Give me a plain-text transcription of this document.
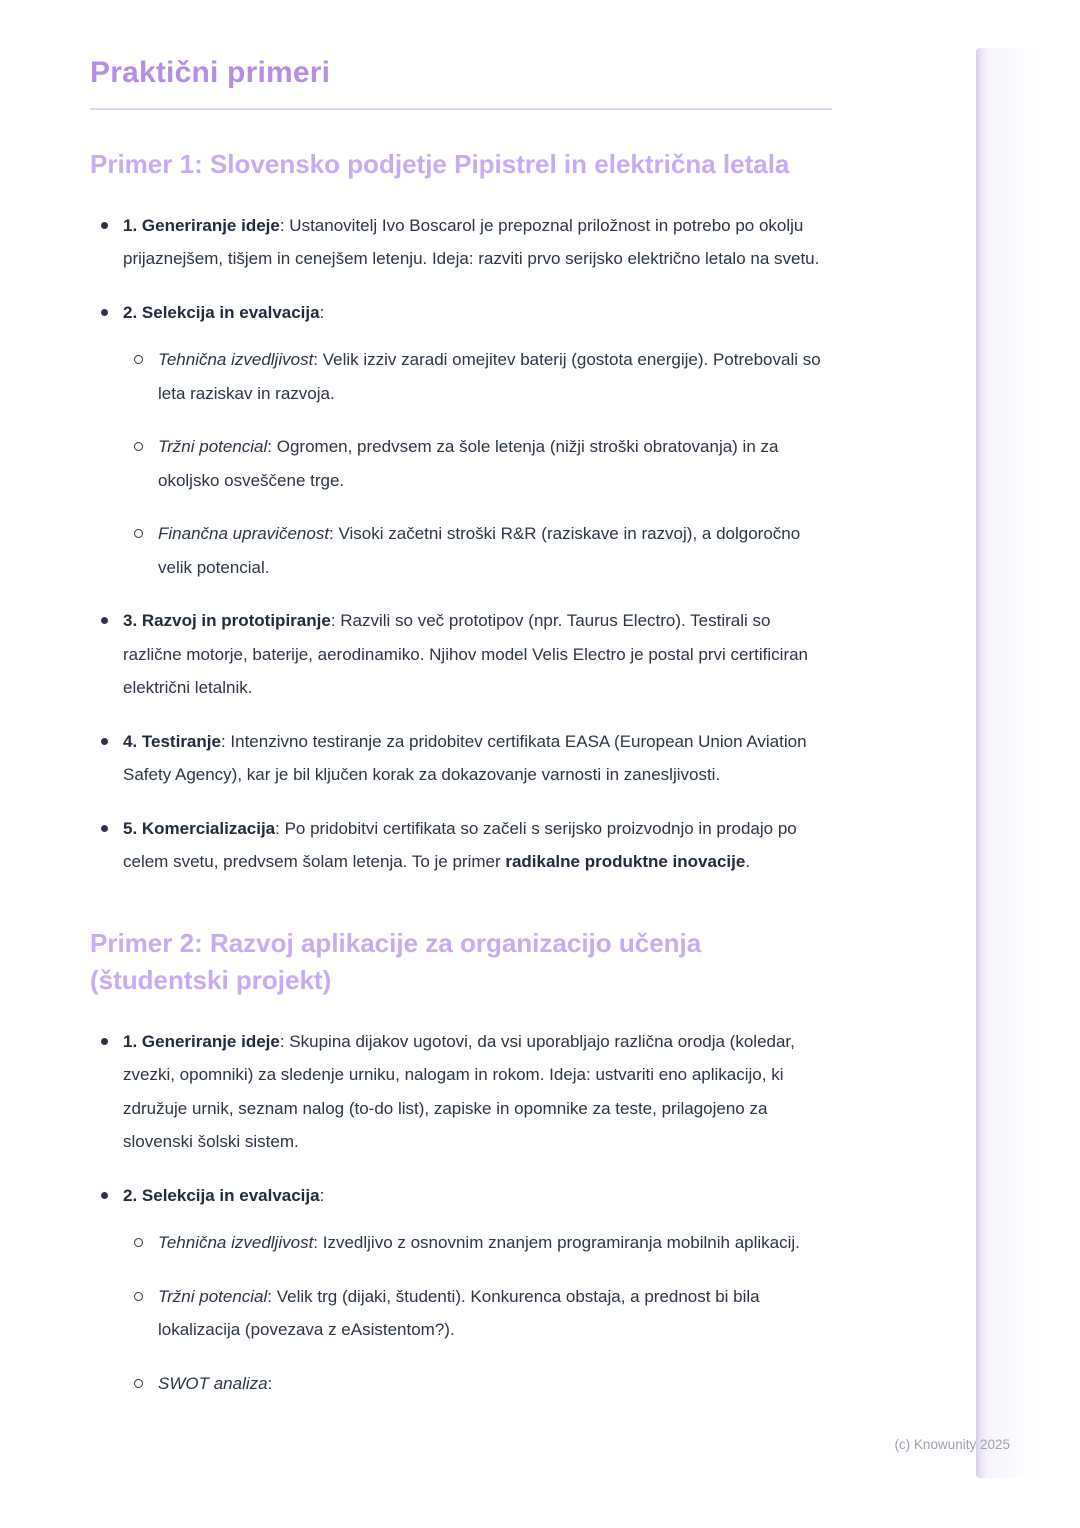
Praktični primeri
Primer 1: Slovensko podjetje Pipistrel in električna letala
1. Generiranje ideje: Ustanovitelj Ivo Boscarol je prepoznal priložnost in potrebo po okolju prijaznejšem, tišjem in cenejšem letenju. Ideja: razviti prvo serijsko električno letalo na svetu.
2. Selekcija in evalvacija:
Tehnična izvedljivost: Velik izziv zaradi omejitev baterij (gostota energije). Potrebovali so leta raziskav in razvoja.
Tržni potencial: Ogromen, predvsem za šole letenja (nižji stroški obratovanja) in za okoljsko osveščene trge.
Finančna upravičenost: Visoki začetni stroški R&R (raziskave in razvoj), a dolgoročno velik potencial.
3. Razvoj in prototipiranje: Razvili so več prototipov (npr. Taurus Electro). Testirali so različne motorje, baterije, aerodinamiko. Njihov model Velis Electro je postal prvi certificiran električni letalnik.
4. Testiranje: Intenzivno testiranje za pridobitev certifikata EASA (European Union Aviation Safety Agency), kar je bil ključen korak za dokazovanje varnosti in zanesljivosti.
5. Komercializacija: Po pridobitvi certifikata so začeli s serijsko proizvodnjo in prodajo po celem svetu, predvsem šolam letenja. To je primer radikalne produktne inovacije.
Primer 2: Razvoj aplikacije za organizacijo učenja (študentski projekt)
1. Generiranje ideje: Skupina dijakov ugotovi, da vsi uporabljajo različna orodja (koledar, zvezki, opomniki) za sledenje urniku, nalogam in rokom. Ideja: ustvariti eno aplikacijo, ki združuje urnik, seznam nalog (to-do list), zapiske in opomnike za teste, prilagojeno za slovenski šolski sistem.
2. Selekcija in evalvacija:
Tehnična izvedljivost: Izvedljivo z osnovnim znanjem programiranja mobilnih aplikacij.
Tržni potencial: Velik trg (dijaki, študenti). Konkurenca obstaja, a prednost bi bila lokalizacija (povezava z eAsistentom?).
SWOT analiza:
(c) Knowunity 2025
